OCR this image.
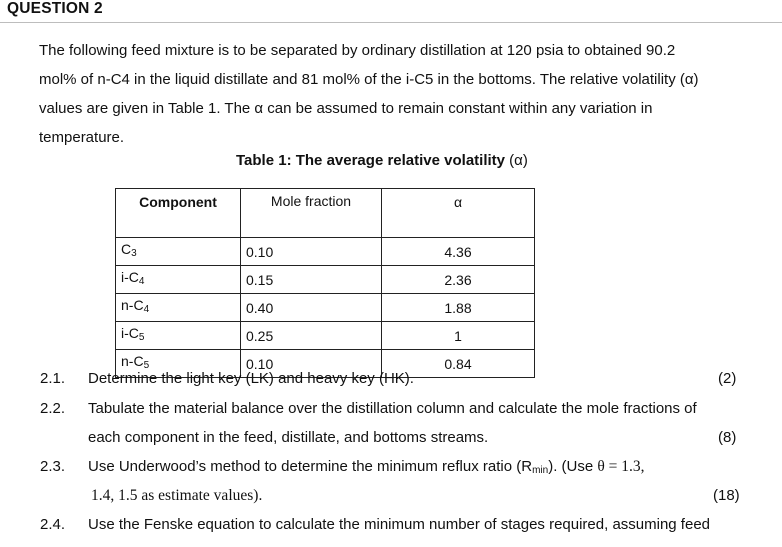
QUESTION 2

The following feed mixture is to be separated by ordinary distillation at 120 psia to obtained 90.2
mol% of n-C4 in the liquid distillate and 81 mol% of the i-C5 in the bottoms. The relative volatility (α)
values are given in Table 1. The α can be assumed to remain constant within any variation in
temperature.

Table 1: The average relative volatility (α)
Component	Mole fraction	α
$C_3$	0.10	4.36
$i-C_4$	0.15	2.36
$n-C_4$	0.40	1.88
$i-C_5$	0.25	1
$n-C_5$	0.10	0.84
2.1. Determine the light key (LK) and heavy key (HK).	(2)
2.2. Tabulate the material balance over the distillation column and calculate the mole fractions of
each component in the feed, distillate, and bottoms streams.	(8)
2.3. Use Underwood’s method to determine the minimum reflux ratio $(R_{min})$. (Use θ = 1.3,
1.4, 1.5 as estimate values).	(18)
2.4. Use the Fenske equation to calculate the minimum number of stages required, assuming feed
